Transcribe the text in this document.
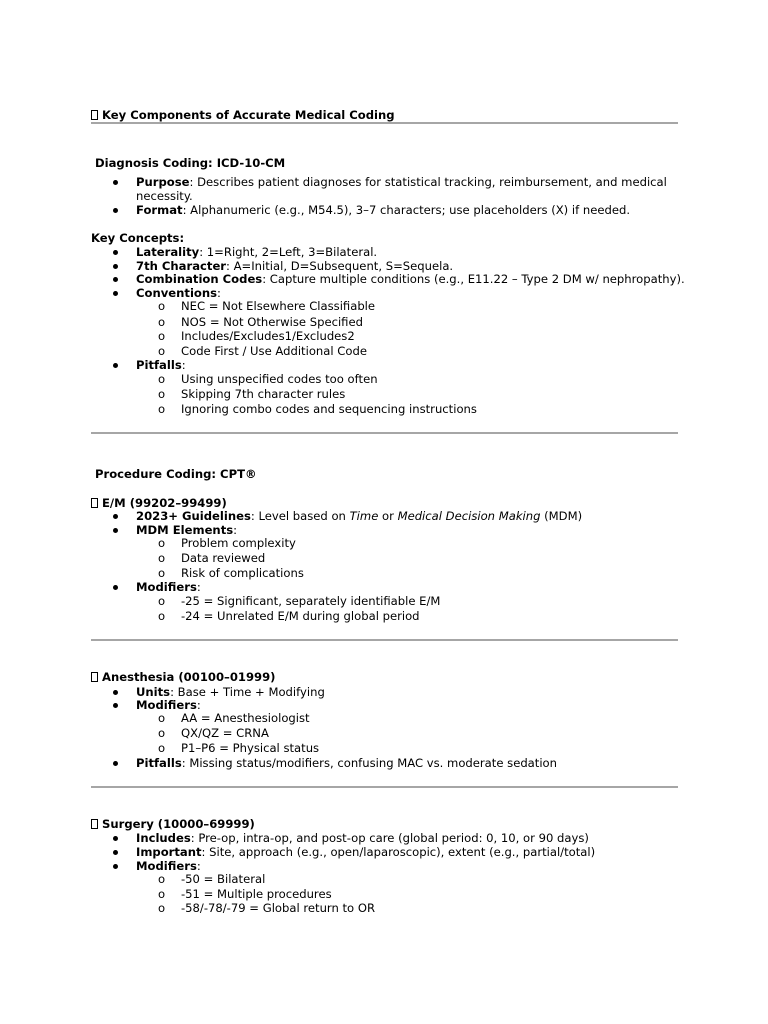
Key Components of Accurate Medical Coding
Diagnosis Coding: ICD-10-CM
Purpose: Describes patient diagnoses for statistical tracking, reimbursement, and medical
necessity.
Format: Alphanumeric (e.g., M54.5), 3–7 characters; use placeholders (X) if needed.
Key Concepts:
Laterality: 1=Right, 2=Left, 3=Bilateral.
7th Character: A=Initial, D=Subsequent, S=Sequela.
Combination Codes: Capture multiple conditions (e.g., E11.22 – Type 2 DM w/ nephropathy).
Conventions:
o NEC = Not Elsewhere Classifiable
o NOS = Not Otherwise Specified
o Includes/Excludes1/Excludes2
o Code First / Use Additional Code
Pitfalls:
o Using unspecified codes too often
o Skipping 7th character rules
o Ignoring combo codes and sequencing instructions
Procedure Coding: CPT®
E/M (99202–99499)
2023+ Guidelines: Level based on Time or Medical Decision Making (MDM)
MDM Elements:
o Problem complexity
o Data reviewed
o Risk of complications
Modifiers:
o -25 = Significant, separately identifiable E/M
o -24 = Unrelated E/M during global period
Anesthesia (00100–01999)
Units: Base + Time + Modifying
Modifiers:
o AA = Anesthesiologist
o QX/QZ = CRNA
o P1–P6 = Physical status
Pitfalls: Missing status/modifiers, confusing MAC vs. moderate sedation
Surgery (10000–69999)
Includes: Pre-op, intra-op, and post-op care (global period: 0, 10, or 90 days)
Important: Site, approach (e.g., open/laparoscopic), extent (e.g., partial/total)
Modifiers:
o -50 = Bilateral
o -51 = Multiple procedures
o -58/-78/-79 = Global return to OR
